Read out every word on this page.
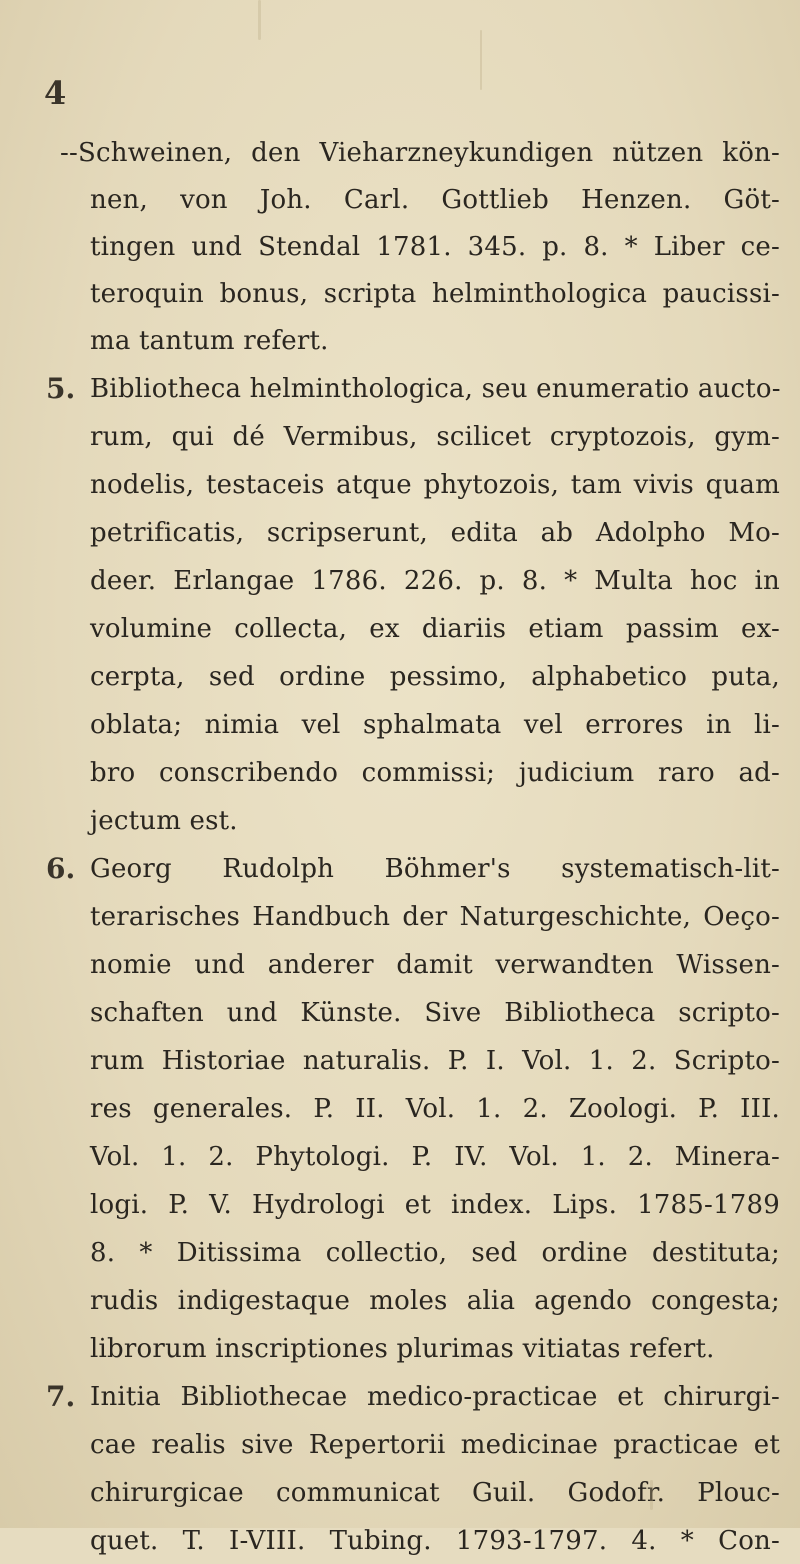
4
--Schweinen, den Vieharzneykundigen nützen kön-
nen, von Joh. Carl. Gottlieb Henzen. Göt-
tingen und Stendal 1781. 345. p. 8. * Liber ce-
teroquin bonus, scripta helminthologica paucissi-
ma tantum refert.
5. Bibliotheca helminthologica, seu enumeratio aucto-
rum, qui dé Vermibus, scilicet cryptozois, gym-
nodelis, testaceis atque phytozois, tam vivis quam
petrificatis, scripserunt, edita ab Adolpho Mo-
deer. Erlangae 1786. 226. p. 8. * Multa hoc in
volumine collecta, ex diariis etiam passim ex-
cerpta, sed ordine pessimo, alphabetico puta,
oblata; nimia vel sphalmata vel errores in li-
bro conscribendo commissi; judicium raro ad-
jectum est.
6. Georg Rudolph Böhmer's systematisch-lit-
terarisches Handbuch der Naturgeschichte, Oeço-
nomie und anderer damit verwandten Wissen-
schaften und Künste. Sive Bibliotheca scripto-
rum Historiae naturalis. P. I. Vol. 1. 2. Scripto-
res generales. P. II. Vol. 1. 2. Zoologi. P. III.
Vol. 1. 2. Phytologi. P. IV. Vol. 1. 2. Minera-
logi. P. V. Hydrologi et index. Lips. 1785-1789
8. * Ditissima collectio, sed ordine destituta;
rudis indigestaque moles alia agendo congesta;
librorum inscriptiones plurimas vitiatas refert.
7. Initia Bibliothecae medico-practicae et chirurgi-
cae realis sive Repertorii medicinae practicae et
chirurgicae communicat Guil. Godofr. Plouc-
quet. T. I-VIII. Tubing. 1793-1797. 4. * Con-
